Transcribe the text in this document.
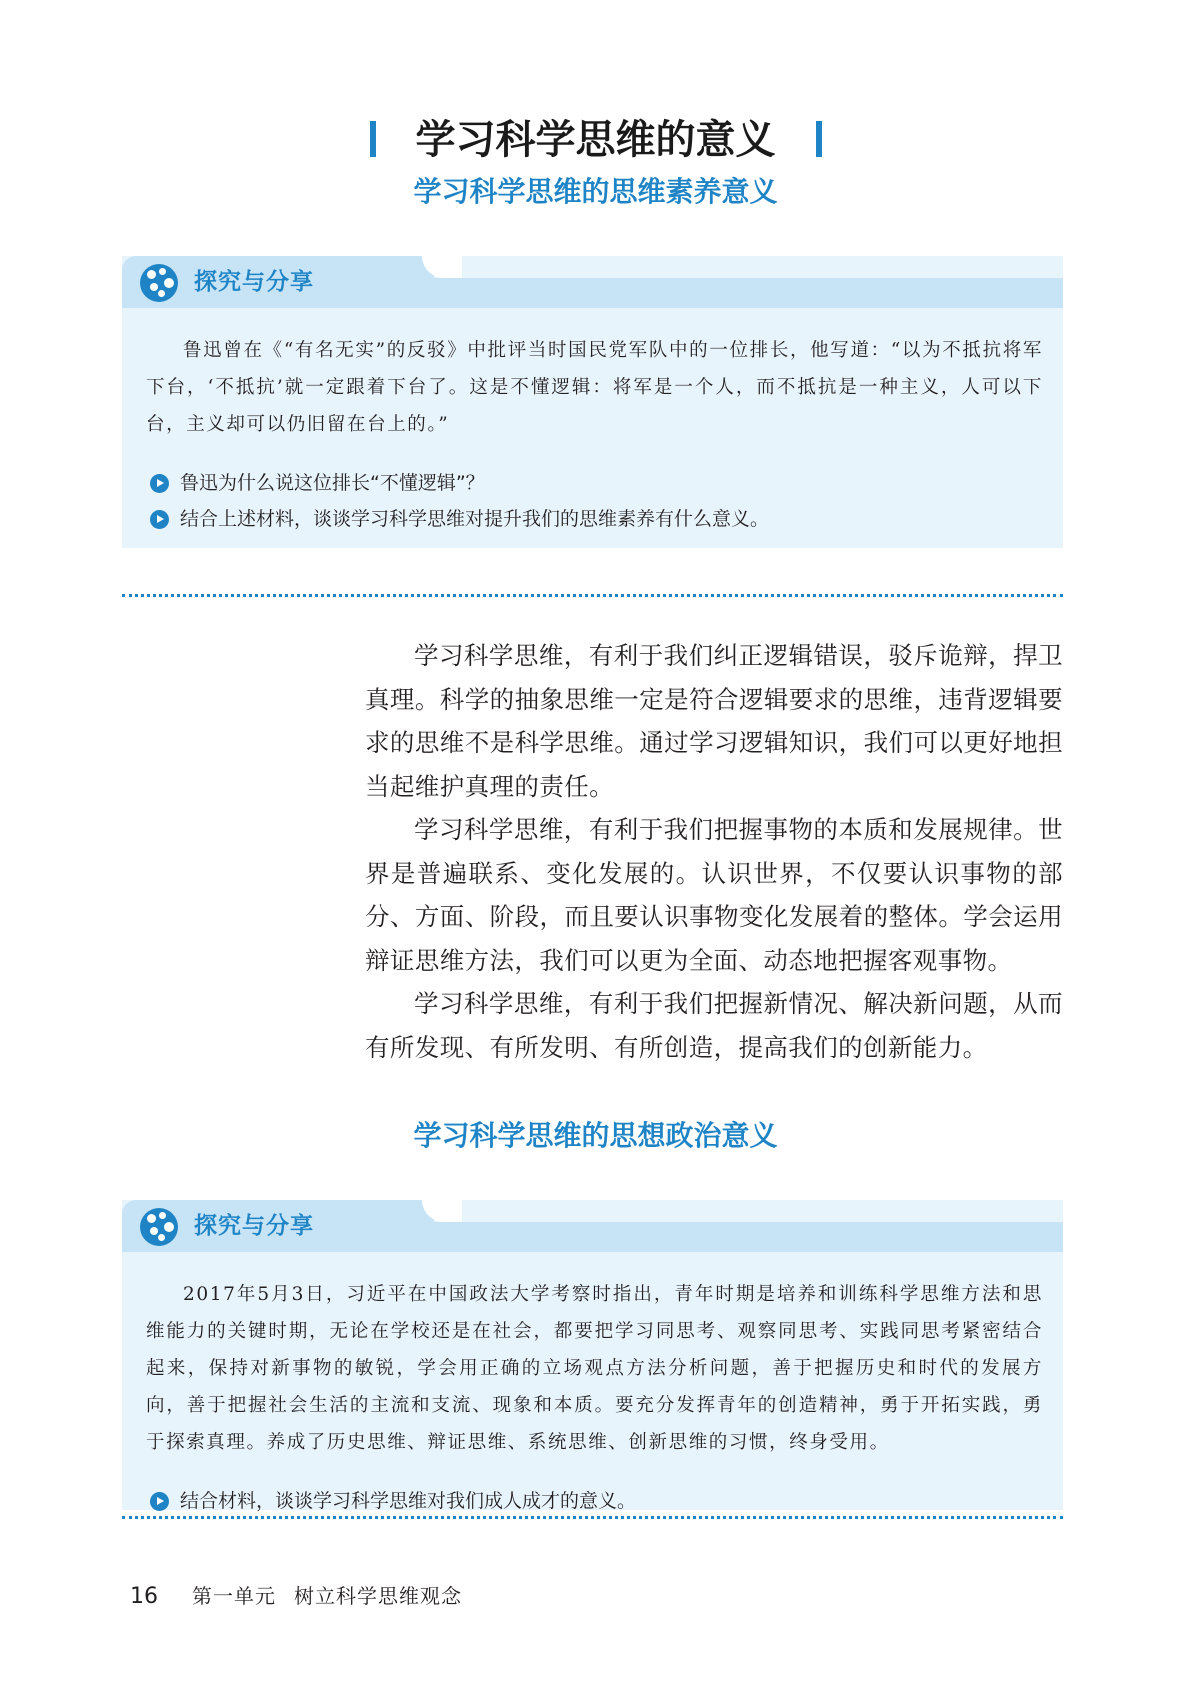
学习科学思维的意义
学习科学思维的思维素养意义
探究与分享

鲁迅曾在《“有名无实”的反驳》中批评当时国民党军队中的一位排长，他写道：“以为不抵抗将军下台，‘不抵抗’就一定跟着下台了。这是不懂逻辑：将军是一个人，而不抵抗是一种主义，人可以下台，主义却可以仍旧留在台上的。”

鲁迅为什么说这位排长“不懂逻辑”？
结合上述材料，谈谈学习科学思维对提升我们的思维素养有什么意义。

学习科学思维，有利于我们纠正逻辑错误，驳斥诡辩，捍卫真理。科学的抽象思维一定是符合逻辑要求的思维，违背逻辑要求的思维不是科学思维。通过学习逻辑知识，我们可以更好地担当起维护真理的责任。

学习科学思维，有利于我们把握事物的本质和发展规律。世界是普遍联系、变化发展的。认识世界，不仅要认识事物的部分、方面、阶段，而且要认识事物变化发展着的整体。学会运用辩证思维方法，我们可以更为全面、动态地把握客观事物。

学习科学思维，有利于我们把握新情况、解决新问题，从而有所发现、有所发明、有所创造，提高我们的创新能力。

学习科学思维的思想政治意义
探究与分享

2017年5月3日，习近平在中国政法大学考察时指出，青年时期是培养和训练科学思维方法和思维能力的关键时期，无论在学校还是在社会，都要把学习同思考、观察同思考、实践同思考紧密结合起来，保持对新事物的敏锐，学会用正确的立场观点方法分析问题，善于把握历史和时代的发展方向，善于把握社会生活的主流和支流、现象和本质。要充分发挥青年的创造精神，勇于开拓实践，勇于探索真理。养成了历史思维、辩证思维、系统思维、创新思维的习惯，终身受用。

结合材料，谈谈学习科学思维对我们成人成才的意义。
16 第一单元 树立科学思维观念
